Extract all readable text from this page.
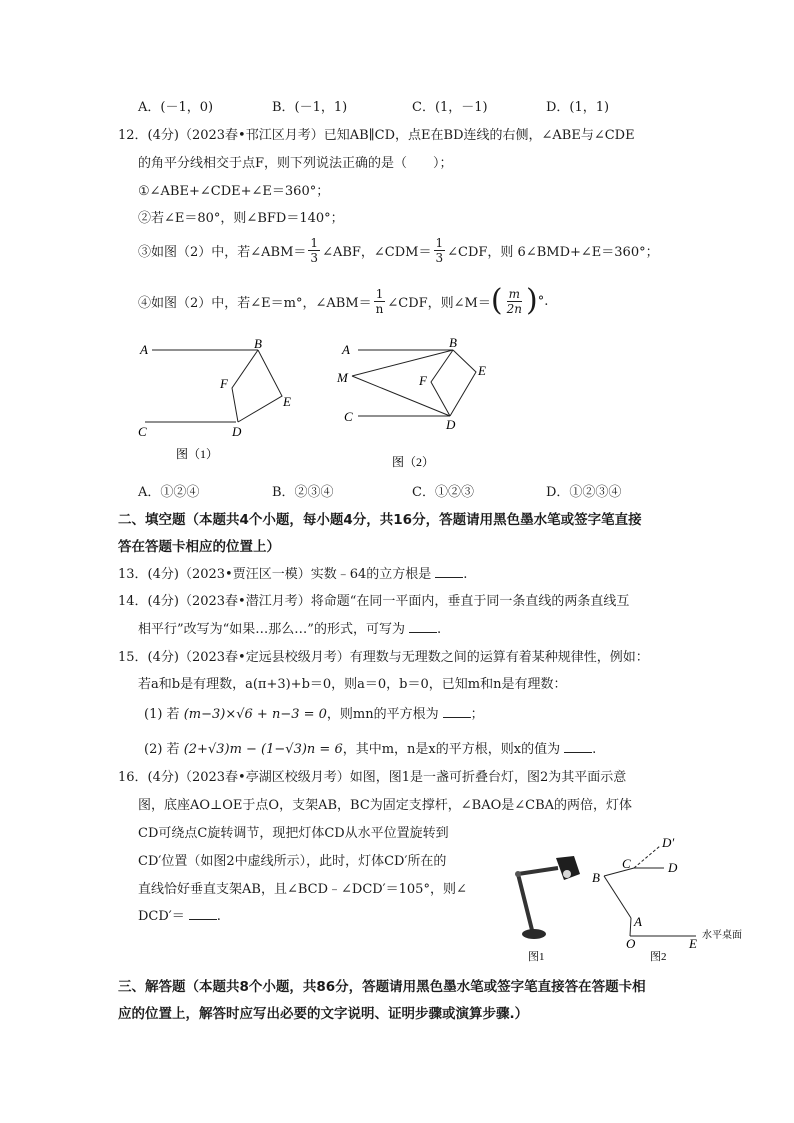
A．(－1，0)	B．(－1，1)	C．(1，－1)	D．(1，1)
12．(4分)（2023春•邗江区月考）已知AB∥CD，点E在BD连线的右侧，∠ABE与∠CDE
的角平分线相交于点F，则下列说法正确的是（　　）；
①∠ABE+∠CDE+∠E＝360°；
②若∠E＝80°，则∠BFD＝140°；
③如图（2）中，若∠ABM＝ $\frac{1}{3}$ ∠ABF，∠CDM＝ $\frac{1}{3}$ ∠CDF，则 6∠BMD+∠E＝360°；
④如图（2）中，若∠E＝m°，∠ABM＝ $\frac{1}{n}$ ∠CDF，则∠M＝ ( $\frac{m}{2n}$ ) °.
A	B
F
E
C	D
图（1）
A	B
M	F
E
C
D
图（2）
A．①②④	B．②③④	C．①②③	D．①②③④
二、填空题（本题共4个小题，每小题4分，共16分，答题请用黑色墨水笔或签字笔直接
答在答题卡相应的位置上）
13．(4分)（2023•贾汪区一模）实数﹣64的立方根是 .
14．(4分)（2023春•潜江月考）将命题“在同一平面内，垂直于同一条直线的两条直线互
相平行”改写为“如果…那么…”的形式，可写为 .
15．(4分)（2023春•定远县校级月考）有理数与无理数之间的运算有着某种规律性，例如：
若a和b是有理数，a(π+3)+b＝0，则a＝0，b＝0，已知m和n是有理数：
(1) 若 (m−3)×√6 + n−3 = 0，则mn的平方根为 ；
(2) 若 (2+√3)m − (1−√3)n = 6，其中m，n是x的平方根，则x的值为 .
16．(4分)（2023春•亭湖区校级月考）如图，图1是一盏可折叠台灯，图2为其平面示意
图，底座AO⊥OE于点O，支架AB，BC为固定支撑杆，∠BAO是∠CBA的两倍，灯体
CD可绕点C旋转调节，现把灯体CD从水平位置旋转到
CD′位置（如图2中虚线所示），此时，灯体CD′所在的
直线恰好垂直支架AB，且∠BCD﹣∠DCD′＝105°，则∠
DCD′＝ .
图1
D′
C	D
B
A
O	E
水平桌面
图2
三、解答题（本题共8个小题，共86分，答题请用黑色墨水笔或签字笔直接答在答题卡相
应的位置上，解答时应写出必要的文字说明、证明步骤或演算步骤.）
